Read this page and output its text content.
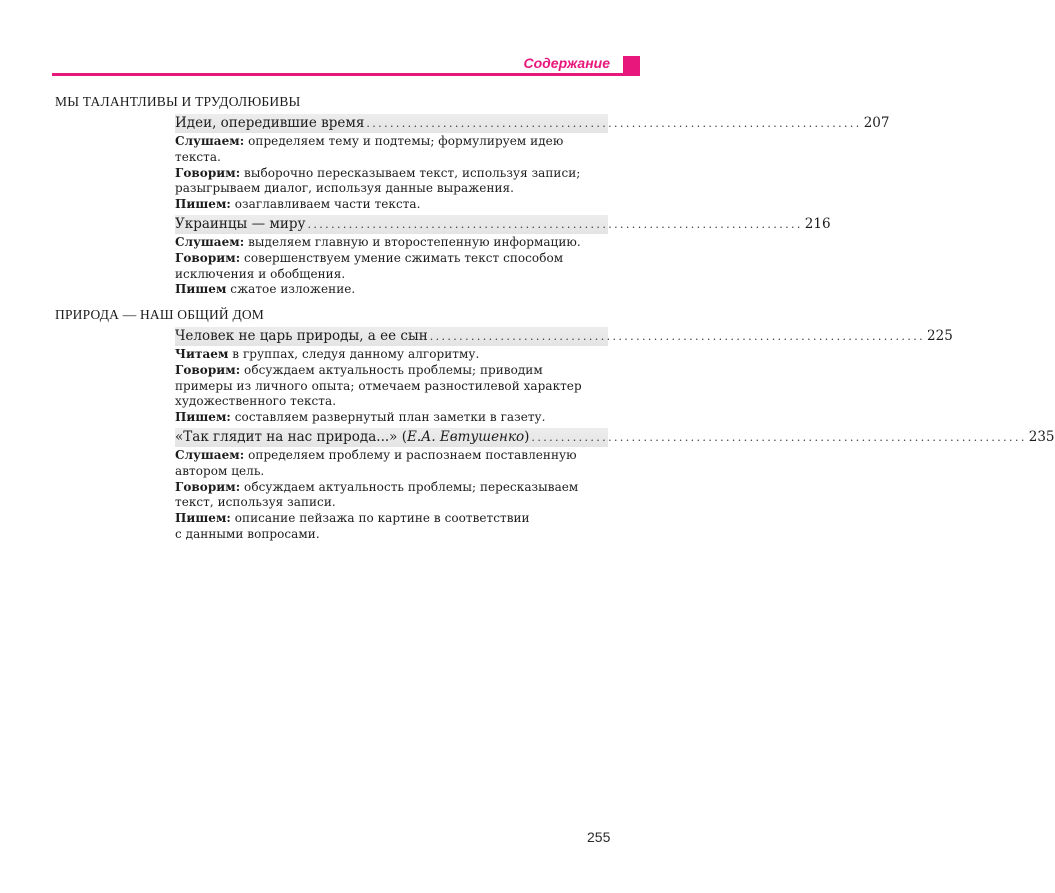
Содержание
МЫ ТАЛАНТЛИВЫ И ТРУДОЛЮБИВЫ
Идеи, опередившие время .................................................................................... 207
Слушаем: определяем тему и подтемы; формулируем идею
текста.
Говорим: выборочно пересказываем текст, используя записи;
разыгрываем диалог, используя данные выражения.
Пишем: озаглавливаем части текста.
Украинцы — миру .................................................................................... 216
Слушаем: выделяем главную и второстепенную информацию.
Говорим: совершенствуем умение сжимать текст способом
исключения и обобщения.
Пишем сжатое изложение.
ПРИРОДА — НАШ ОБЩИЙ ДОМ
Человек не царь природы, а ее сын .................................................................................... 225
Читаем в группах, следуя данному алгоритму.
Говорим: обсуждаем актуальность проблемы; приводим
примеры из личного опыта; отмечаем разностилевой характер
художественного текста.
Пишем: составляем развернутый план заметки в газету.
«Так глядит на нас природа...» (Е.А. Евтушенко) .................................................................................... 235
Слушаем: определяем проблему и распознаем поставленную
автором цель.
Говорим: обсуждаем актуальность проблемы; пересказываем
текст, используя записи.
Пишем: описание пейзажа по картине в соответствии
с данными вопросами.
255
